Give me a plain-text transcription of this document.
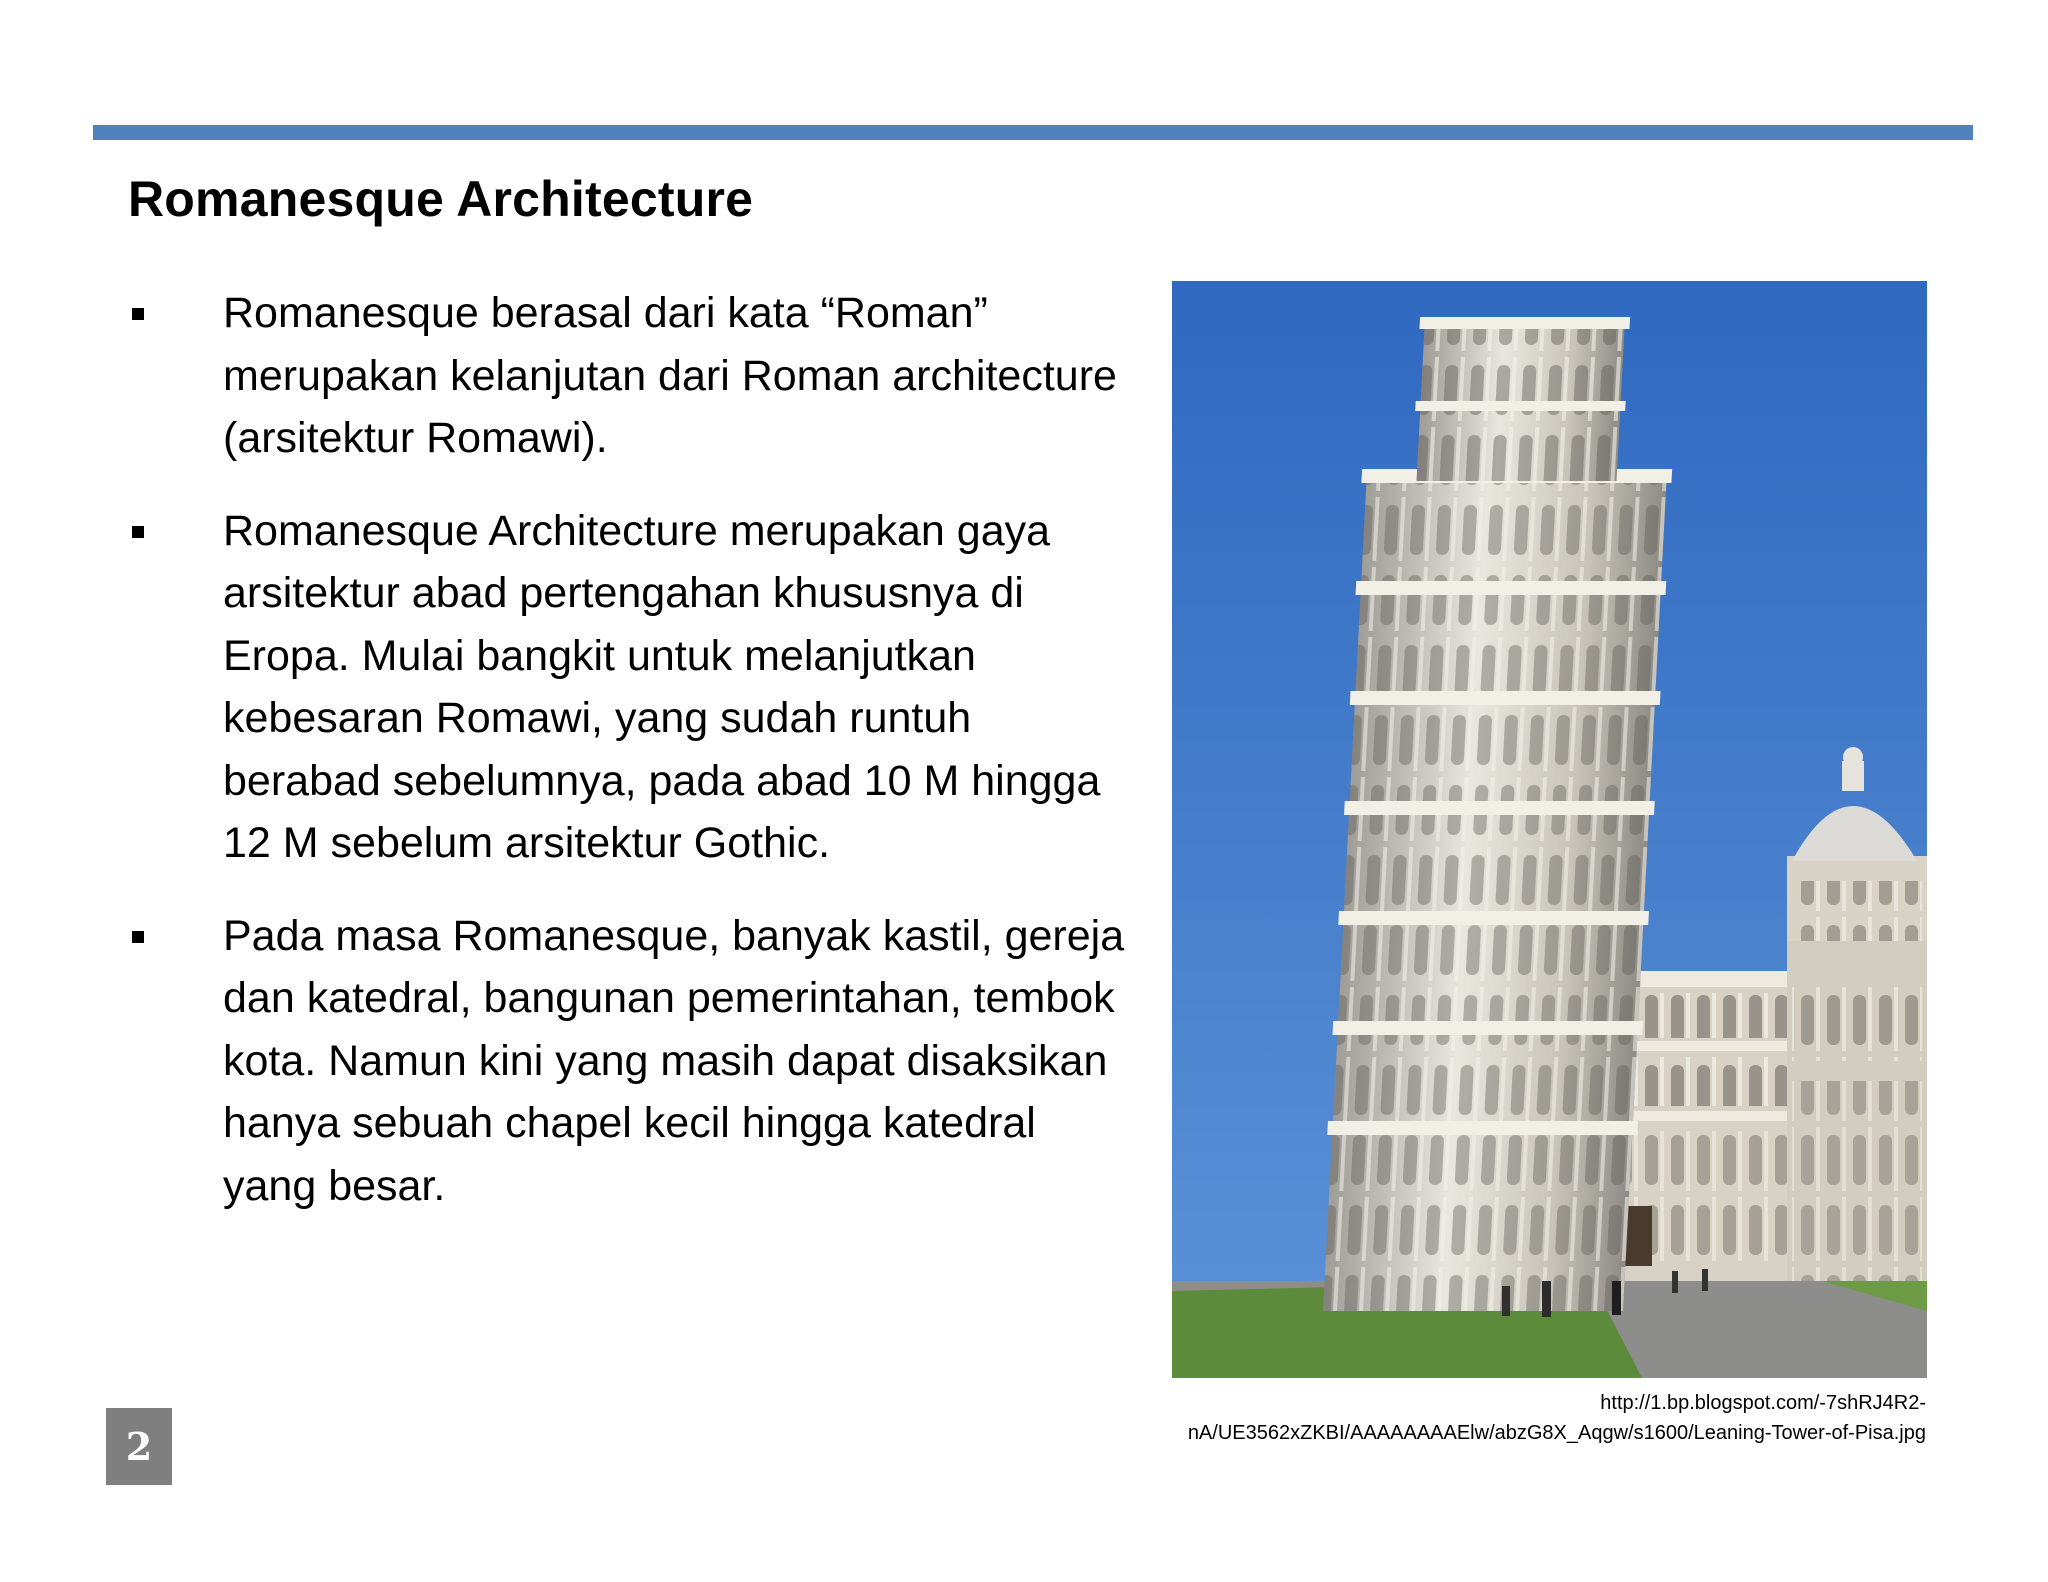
Romanesque Architecture
Romanesque berasal dari kata “Roman” merupakan kelanjutan dari Roman architecture (arsitektur Romawi).
Romanesque Architecture merupakan gaya arsitektur abad pertengahan khususnya di Eropa. Mulai bangkit untuk melanjutkan kebesaran Romawi, yang sudah runtuh berabad sebelumnya, pada abad 10 M hingga 12 M sebelum arsitektur Gothic.
Pada masa Romanesque, banyak kastil, gereja dan katedral, bangunan pemerintahan, tembok kota. Namun kini yang masih dapat disaksikan hanya sebuah chapel kecil hingga katedral yang besar.
http://1.bp.blogspot.com/-7shRJ4R2-
nA/UE3562xZKBI/AAAAAAAAElw/abzG8X_Aqgw/s1600/Leaning-Tower-of-Pisa.jpg
2
